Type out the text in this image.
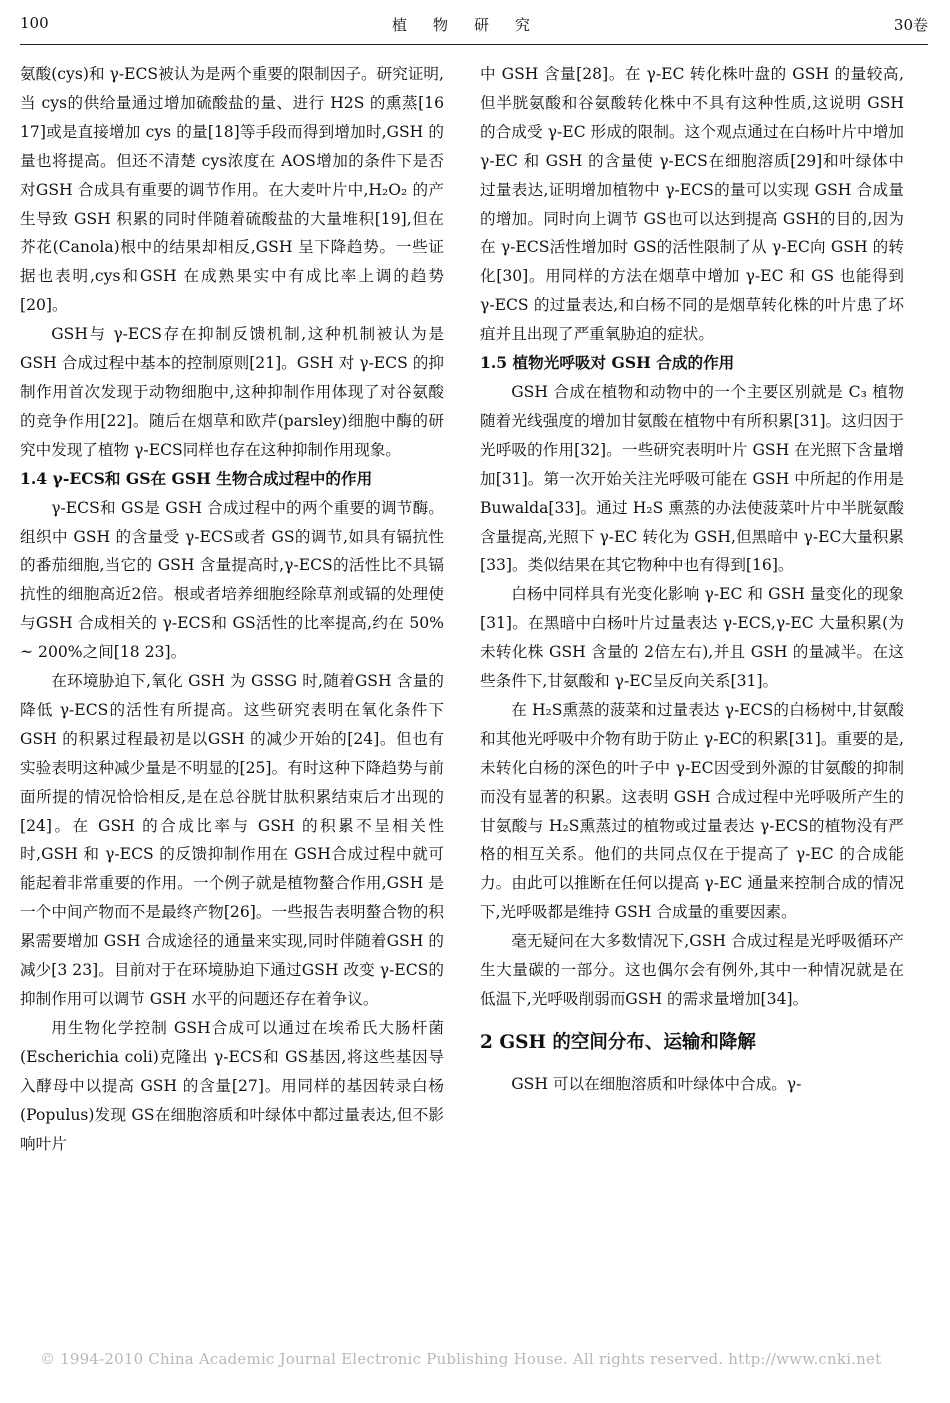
100	植物研究	30卷

氨酸(cys)和 γ-ECS被认为是两个重要的限制因子。研究证明,当 cys的供给量通过增加硫酸盐的量、进行 H2S 的熏蒸[16 17]或是直接增加 cys 的量[18]等手段而得到增加时,GSH 的量也将提高。但还不清楚 cys浓度在 AOS增加的条件下是否对GSH 合成具有重要的调节作用。在大麦叶片中,H₂O₂ 的产生导致 GSH 积累的同时伴随着硫酸盐的大量堆积[19],但在芥花(Canola)根中的结果却相反,GSH 呈下降趋势。一些证据也表明,cys和GSH 在成熟果实中有成比率上调的趋势[20]。

GSH与 γ-ECS存在抑制反馈机制,这种机制被认为是 GSH 合成过程中基本的控制原则[21]。GSH 对 γ-ECS 的抑制作用首次发现于动物细胞中,这种抑制作用体现了对谷氨酸的竞争作用[22]。随后在烟草和欧芹(parsley)细胞中酶的研究中发现了植物 γ-ECS同样也存在这种抑制作用现象。

1.4 γ-ECS和 GS在 GSH 生物合成过程中的作用

γ-ECS和 GS是 GSH 合成过程中的两个重要的调节酶。组织中 GSH 的含量受 γ-ECS或者 GS的调节,如具有镉抗性的番茄细胞,当它的 GSH 含量提高时,γ-ECS的活性比不具镉抗性的细胞高近2倍。根或者培养细胞经除草剂或镉的处理使与GSH 合成相关的 γ-ECS和 GS活性的比率提高,约在 50% ~ 200%之间[18 23]。

在环境胁迫下,氧化 GSH 为 GSSG 时,随着GSH 含量的降低 γ-ECS的活性有所提高。这些研究表明在氧化条件下 GSH 的积累过程最初是以GSH 的减少开始的[24]。但也有实验表明这种减少量是不明显的[25]。有时这种下降趋势与前面所提的情况恰恰相反,是在总谷胱甘肽积累结束后才出现的[24]。在 GSH 的合成比率与 GSH 的积累不呈相关性时,GSH 和 γ-ECS 的反馈抑制作用在 GSH合成过程中就可能起着非常重要的作用。一个例子就是植物螯合作用,GSH 是一个中间产物而不是最终产物[26]。一些报告表明螯合物的积累需要增加 GSH 合成途径的通量来实现,同时伴随着GSH 的减少[3 23]。目前对于在环境胁迫下通过GSH 改变 γ-ECS的抑制作用可以调节 GSH 水平的问题还存在着争议。

用生物化学控制 GSH合成可以通过在埃希氏大肠杆菌(Escherichia coli)克隆出 γ-ECS和 GS基因,将这些基因导入酵母中以提高 GSH 的含量[27]。用同样的基因转录白杨(Populus)发现 GS在细胞溶质和叶绿体中都过量表达,但不影响叶片

中 GSH 含量[28]。在 γ-EC 转化株叶盘的 GSH 的量较高,但半胱氨酸和谷氨酸转化株中不具有这种性质,这说明 GSH 的合成受 γ-EC 形成的限制。这个观点通过在白杨叶片中增加 γ-EC 和 GSH 的含量使 γ-ECS在细胞溶质[29]和叶绿体中过量表达,证明增加植物中 γ-ECS的量可以实现 GSH 合成量的增加。同时向上调节 GS也可以达到提高 GSH的目的,因为在 γ-ECS活性增加时 GS的活性限制了从 γ-EC向 GSH 的转化[30]。用同样的方法在烟草中增加 γ-EC 和 GS 也能得到 γ-ECS 的过量表达,和白杨不同的是烟草转化株的叶片患了坏疽并且出现了严重氧胁迫的症状。

1.5 植物光呼吸对 GSH 合成的作用

GSH 合成在植物和动物中的一个主要区别就是 C₃ 植物随着光线强度的增加甘氨酸在植物中有所积累[31]。这归因于光呼吸的作用[32]。一些研究表明叶片 GSH 在光照下含量增加[31]。第一次开始关注光呼吸可能在 GSH 中所起的作用是 Buwalda[33]。通过 H₂S 熏蒸的办法使菠菜叶片中半胱氨酸含量提高,光照下 γ-EC 转化为 GSH,但黑暗中 γ-EC大量积累[33]。类似结果在其它物种中也有得到[16]。

白杨中同样具有光变化影响 γ-EC 和 GSH 量变化的现象[31]。在黑暗中白杨叶片过量表达 γ-ECS,γ-EC 大量积累(为未转化株 GSH 含量的 2倍左右),并且 GSH 的量减半。在这些条件下,甘氨酸和 γ-EC呈反向关系[31]。

在 H₂S熏蒸的菠菜和过量表达 γ-ECS的白杨树中,甘氨酸和其他光呼吸中介物有助于防止 γ-EC的积累[31]。重要的是,未转化白杨的深色的叶子中 γ-EC因受到外源的甘氨酸的抑制而没有显著的积累。这表明 GSH 合成过程中光呼吸所产生的甘氨酸与 H₂S熏蒸过的植物或过量表达 γ-ECS的植物没有严格的相互关系。他们的共同点仅在于提高了 γ-EC 的合成能力。由此可以推断在任何以提高 γ-EC 通量来控制合成的情况下,光呼吸都是维持 GSH 合成量的重要因素。

毫无疑问在大多数情况下,GSH 合成过程是光呼吸循环产生大量碳的一部分。这也偶尔会有例外,其中一种情况就是在低温下,光呼吸削弱而GSH 的需求量增加[34]。

2 GSH 的空间分布、运输和降解

GSH 可以在细胞溶质和叶绿体中合成。γ-

© 1994-2010 China Academic Journal Electronic Publishing House. All rights reserved. http://www.cnki.net
